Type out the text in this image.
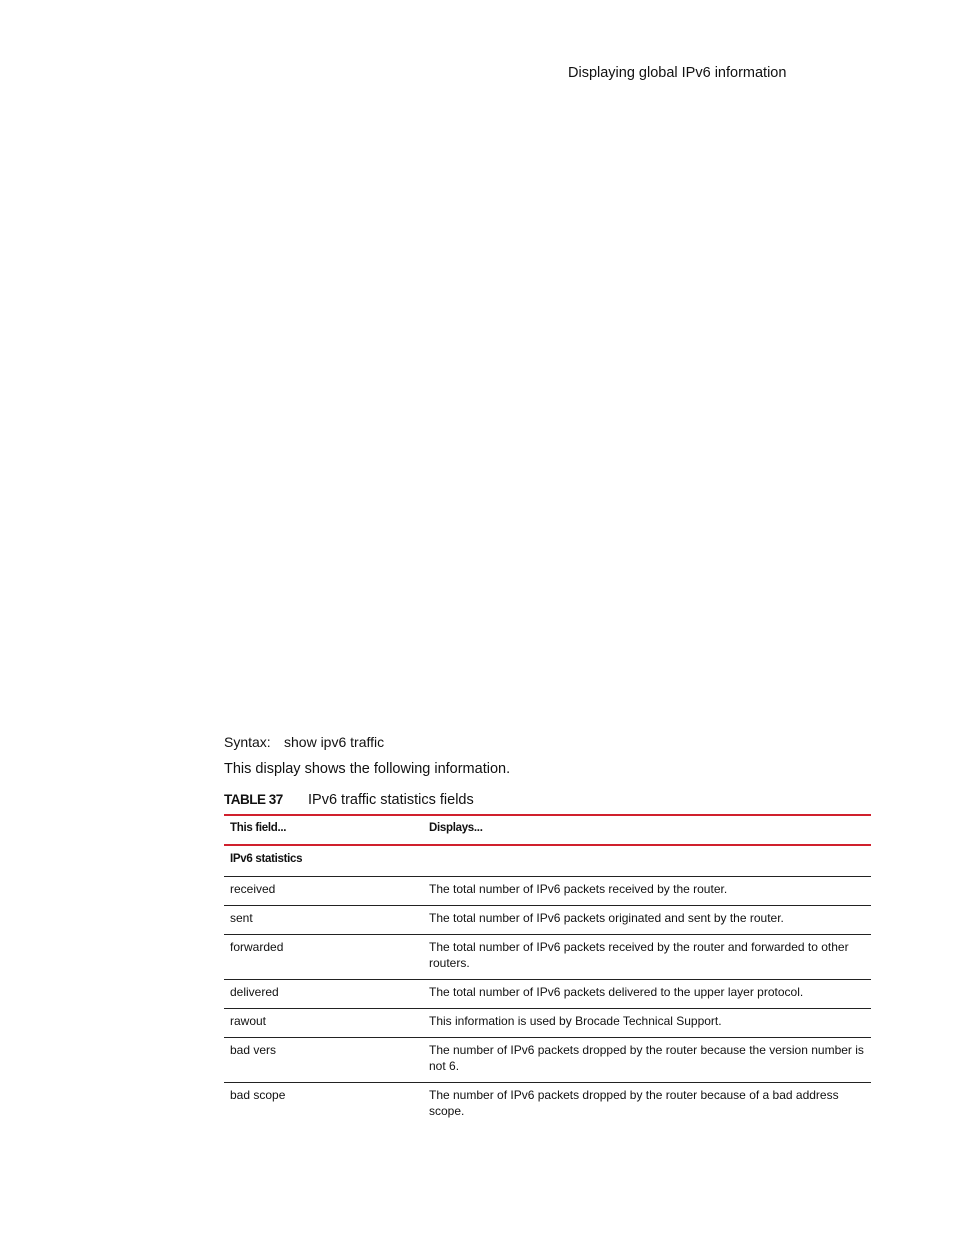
Displaying global IPv6 information
Syntax: show ipv6 traffic
This display shows the following information.
TABLE 37 IPv6 traffic statistics fields
This field...	Displays...
IPv6 statistics	
received	The total number of IPv6 packets received by the router.
sent	The total number of IPv6 packets originated and sent by the router.
forwarded	The total number of IPv6 packets received by the router and forwarded to other routers.
delivered	The total number of IPv6 packets delivered to the upper layer protocol.
rawout	This information is used by Brocade Technical Support.
bad vers	The number of IPv6 packets dropped by the router because the version number is not 6.
bad scope	The number of IPv6 packets dropped by the router because of a bad address scope.
